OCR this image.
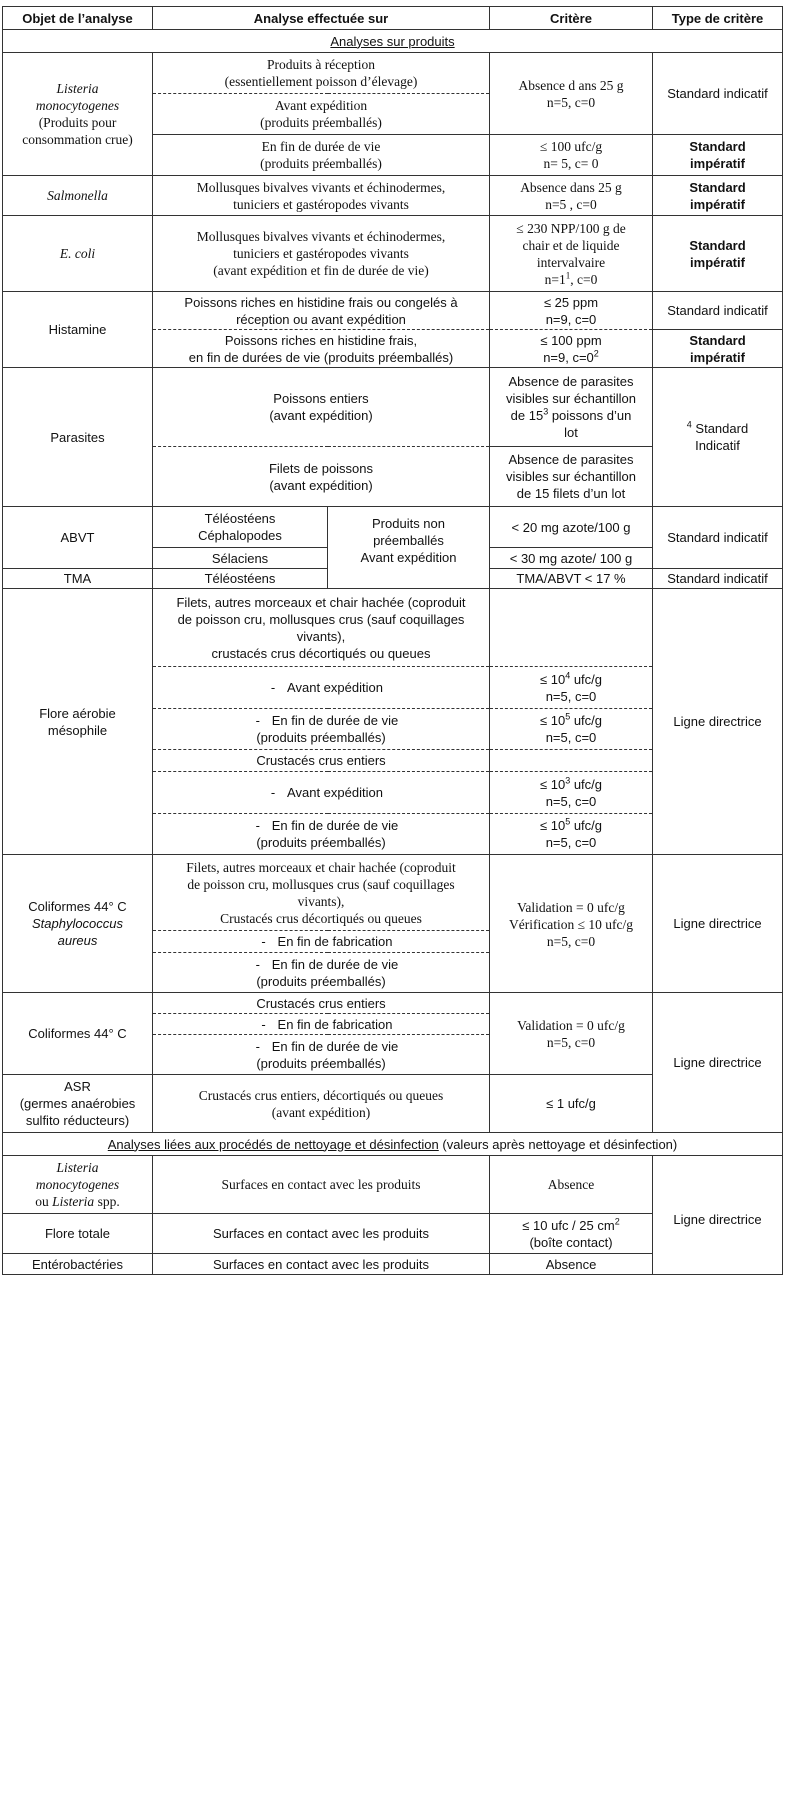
Objet de l’analyse	Analyse effectuée sur		Critère	Type de critère
Analyses sur produits				
Listeria monocytogenes
(Produits pour consommation crue)	Produits à réception
(essentiellement poisson d’élevage)		Absence d ans 25 g
n=5, c=0	Standard indicatif
	Avant expédition
(produits préemballés)			
	En fin de durée de vie
(produits préemballés)		≤ 100 ufc/g
n= 5, c= 0	Standard
impératif
Salmonella	Mollusques bivalves vivants et échinodermes,
tuniciers et gastéropodes vivants		Absence dans 25 g
n=5 , c=0	Standard
impératif
E. coli	Mollusques bivalves vivants et échinodermes,
tuniciers et gastéropodes vivants
(avant expédition et fin de durée de vie)		≤ 230 NPP/100 g de
chair et de liquide
intervalvaire
$n=1^1$, c=0	Standard
impératif
Histamine	Poissons riches en histidine frais ou congelés à
réception ou avant expédition		≤ 25 ppm
n=9, c=0	Standard indicatif
	Poissons riches en histidine frais,
en fin de durées de vie (produits préemballés)		≤ 100 ppm
n=9, $c=0^2$	Standard
impératif
Parasites	Poissons entiers
(avant expédition)		Absence de parasites
visibles sur échantillon
de $15^3$ poissons d’un
lot	$^4$ Standard
Indicatif
	Filets de poissons
(avant expédition)		Absence de parasites
visibles sur échantillon
de 15 filets d’un lot	
ABVT	Téléostéens
Céphalopodes	Produits non
préemballés
Avant expédition	< 20 mg azote/100 g	Standard indicatif
	Sélaciens		< 30 mg azote/ 100 g	
TMA	Téléostéens		TMA/ABVT < 17 %	Standard indicatif
Flore aérobie
mésophile	Filets, autres morceaux et chair hachée (coproduit
de poisson cru, mollusques crus (sauf coquillages
vivants),
crustacés crus décortiqués ou queues			Ligne directrice
	- Avant expédition		≤ $10^4$ ufc/g
n=5, c=0	
	- En fin de durée de vie
(produits préemballés)		≤ $10^5$ ufc/g
n=5, c=0	
	Crustacés crus entiers			
	- Avant expédition		≤ $10^3$ ufc/g
n=5, c=0	
	- En fin de durée de vie
(produits préemballés)		≤ $10^5$ ufc/g
n=5, c=0	

Coliformes 44° C
Staphylococcus
aureus	Filets, autres morceaux et chair hachée (coproduit
de poisson cru, mollusques crus (sauf coquillages
vivants),
Crustacés crus décortiqués ou queues		Validation = 0 ufc/g
Vérification ≤ 10 ufc/g
n=5, c=0	Ligne directrice
	- En fin de fabrication			
	- En fin de durée de vie
(produits préemballés)			
Coliformes 44° C	Crustacés crus entiers		Validation = 0 ufc/g
n=5, c=0	Ligne directrice
	- En fin de fabrication			
	- En fin de durée de vie
(produits préemballés)			
ASR
(germes anaérobies
sulfito réducteurs)	Crustacés crus entiers, décortiqués ou queues
(avant expédition)		≤ 1 ufc/g	
Analyses liées aux procédés de nettoyage et désinfection (valeurs après nettoyage et désinfection)				
Listeria
monocytogenes
ou Listeria spp.	Surfaces en contact avec les produits		Absence	Ligne directrice
Flore totale	Surfaces en contact avec les produits		≤ 10 ufc / 25 $cm^2$
(boîte contact)	
Entérobactéries	Surfaces en contact avec les produits		Absence	
